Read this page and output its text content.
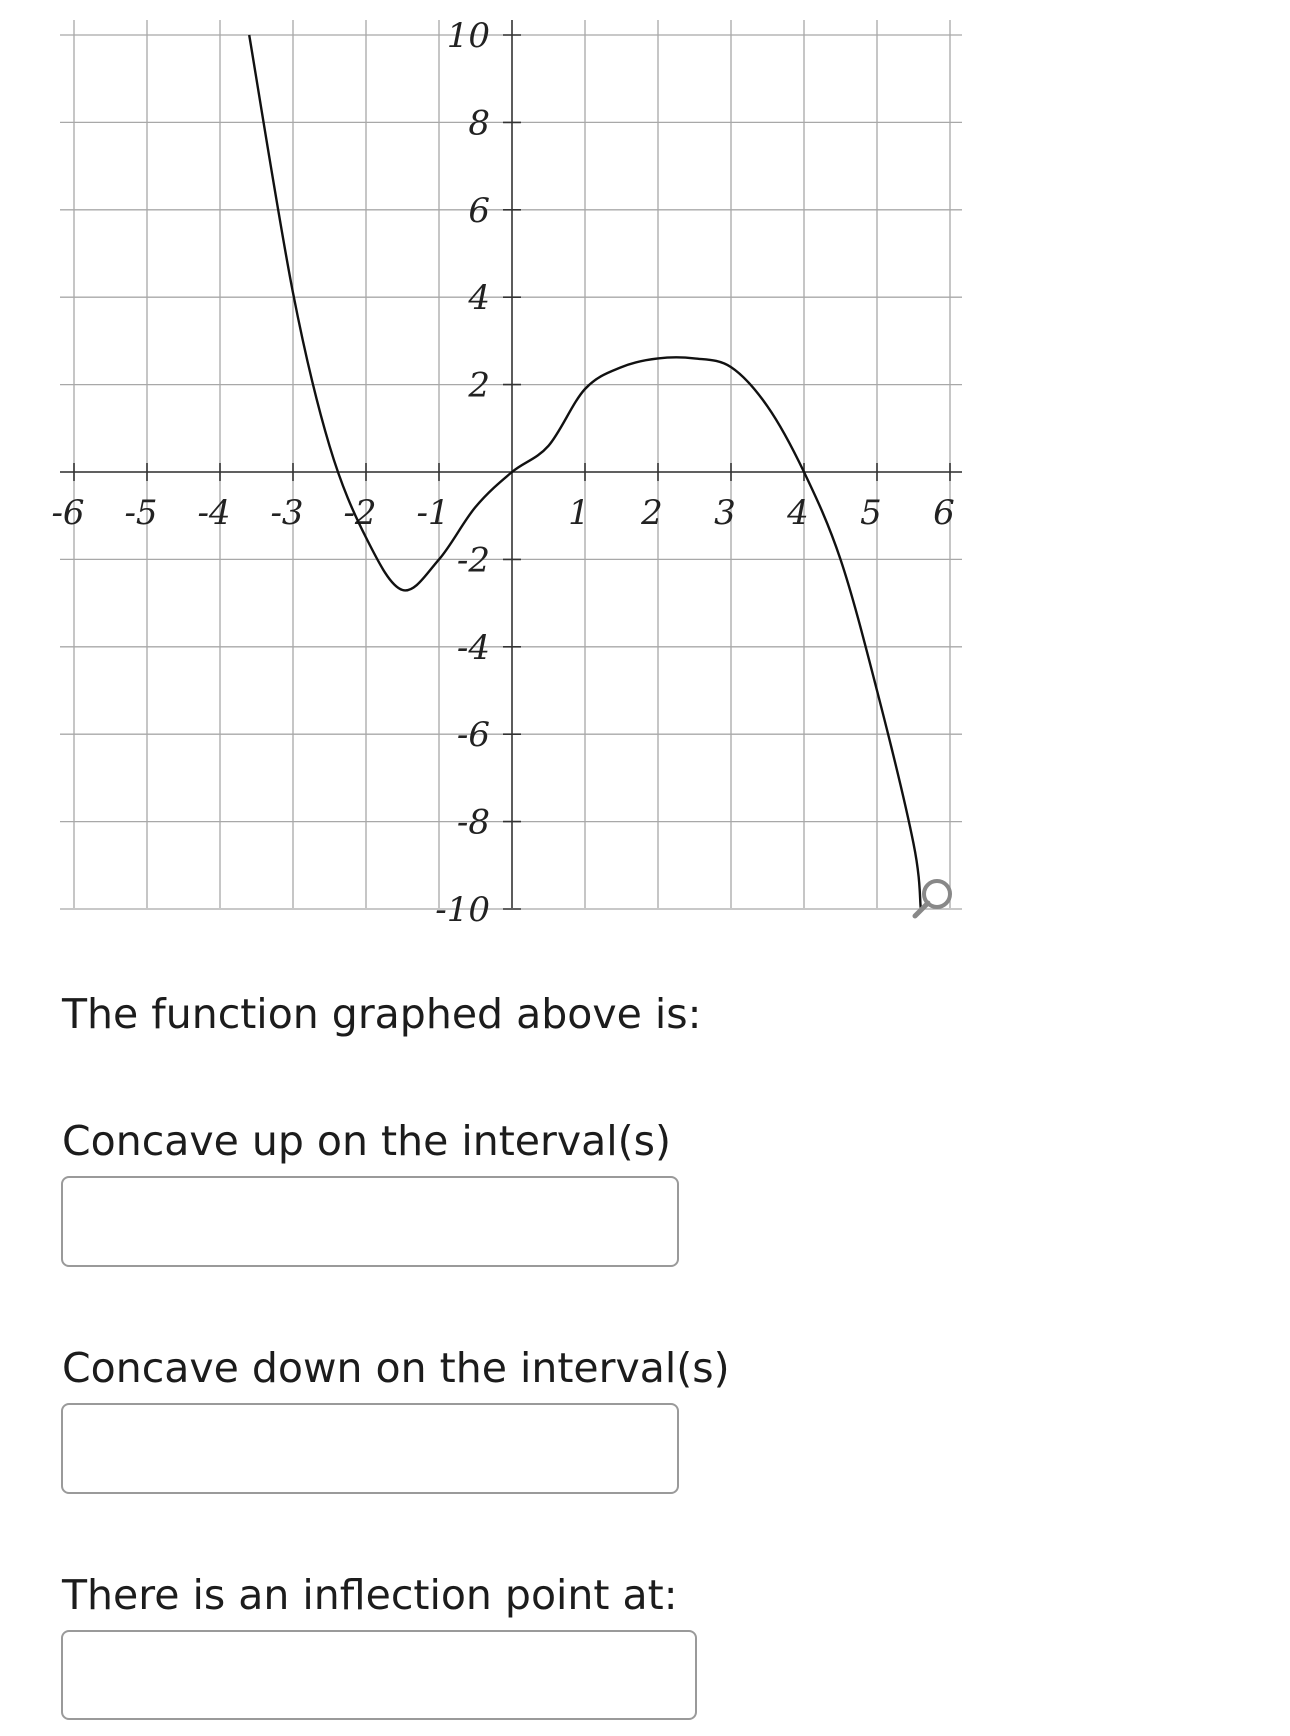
-6 -5 -4 -3 -2 -1	1 2 3 4 5 6
10
8
6
4
2
-2
-4
-6
-8
-10
The function graphed above is:
Concave up on the interval(s)
Concave down on the interval(s)
There is an inflection point at:
